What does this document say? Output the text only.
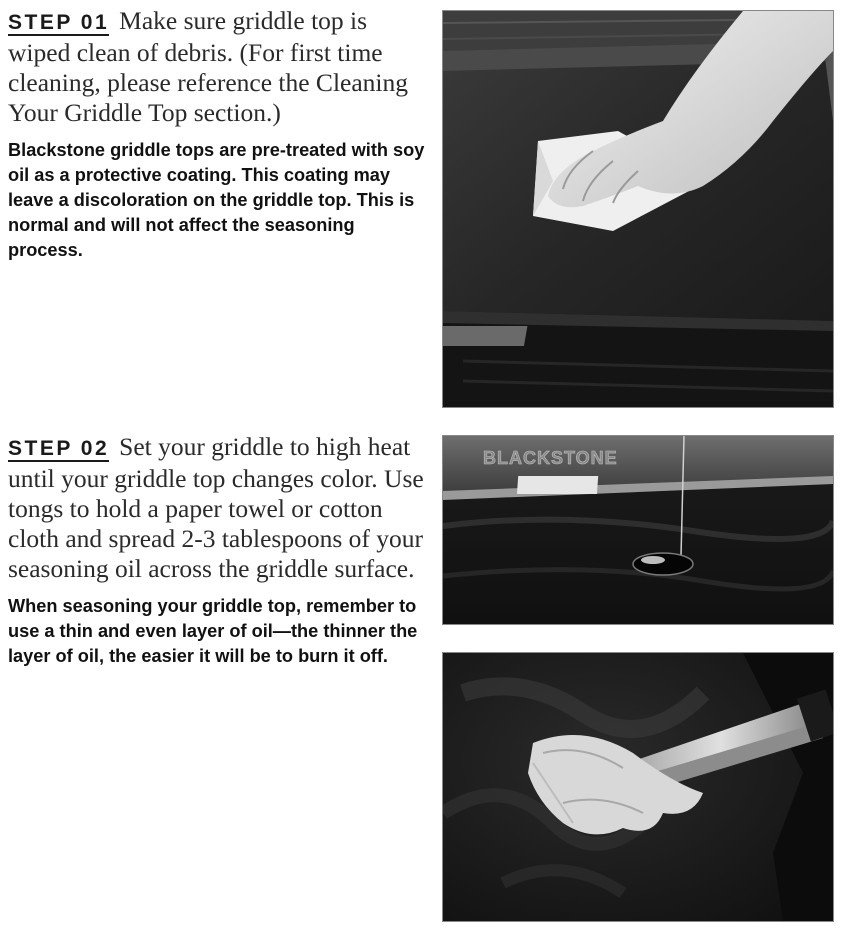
STEP 01 Make sure griddle top is wiped clean of debris. (For first time cleaning, please reference the Cleaning Your Griddle Top section.)

Blackstone griddle tops are pre-treated with soy oil as a protective coating. This coating may leave a discoloration on the griddle top. This is normal and will not affect the seasoning process.

STEP 02 Set your griddle to high heat until your griddle top changes color. Use tongs to hold a paper towel or cotton cloth and spread 2-3 tablespoons of your seasoning oil across the griddle surface.

When seasoning your griddle top, remember to use a thin and even layer of oil—the thinner the layer of oil, the easier it will be to burn it off.

BLACKSTONE
